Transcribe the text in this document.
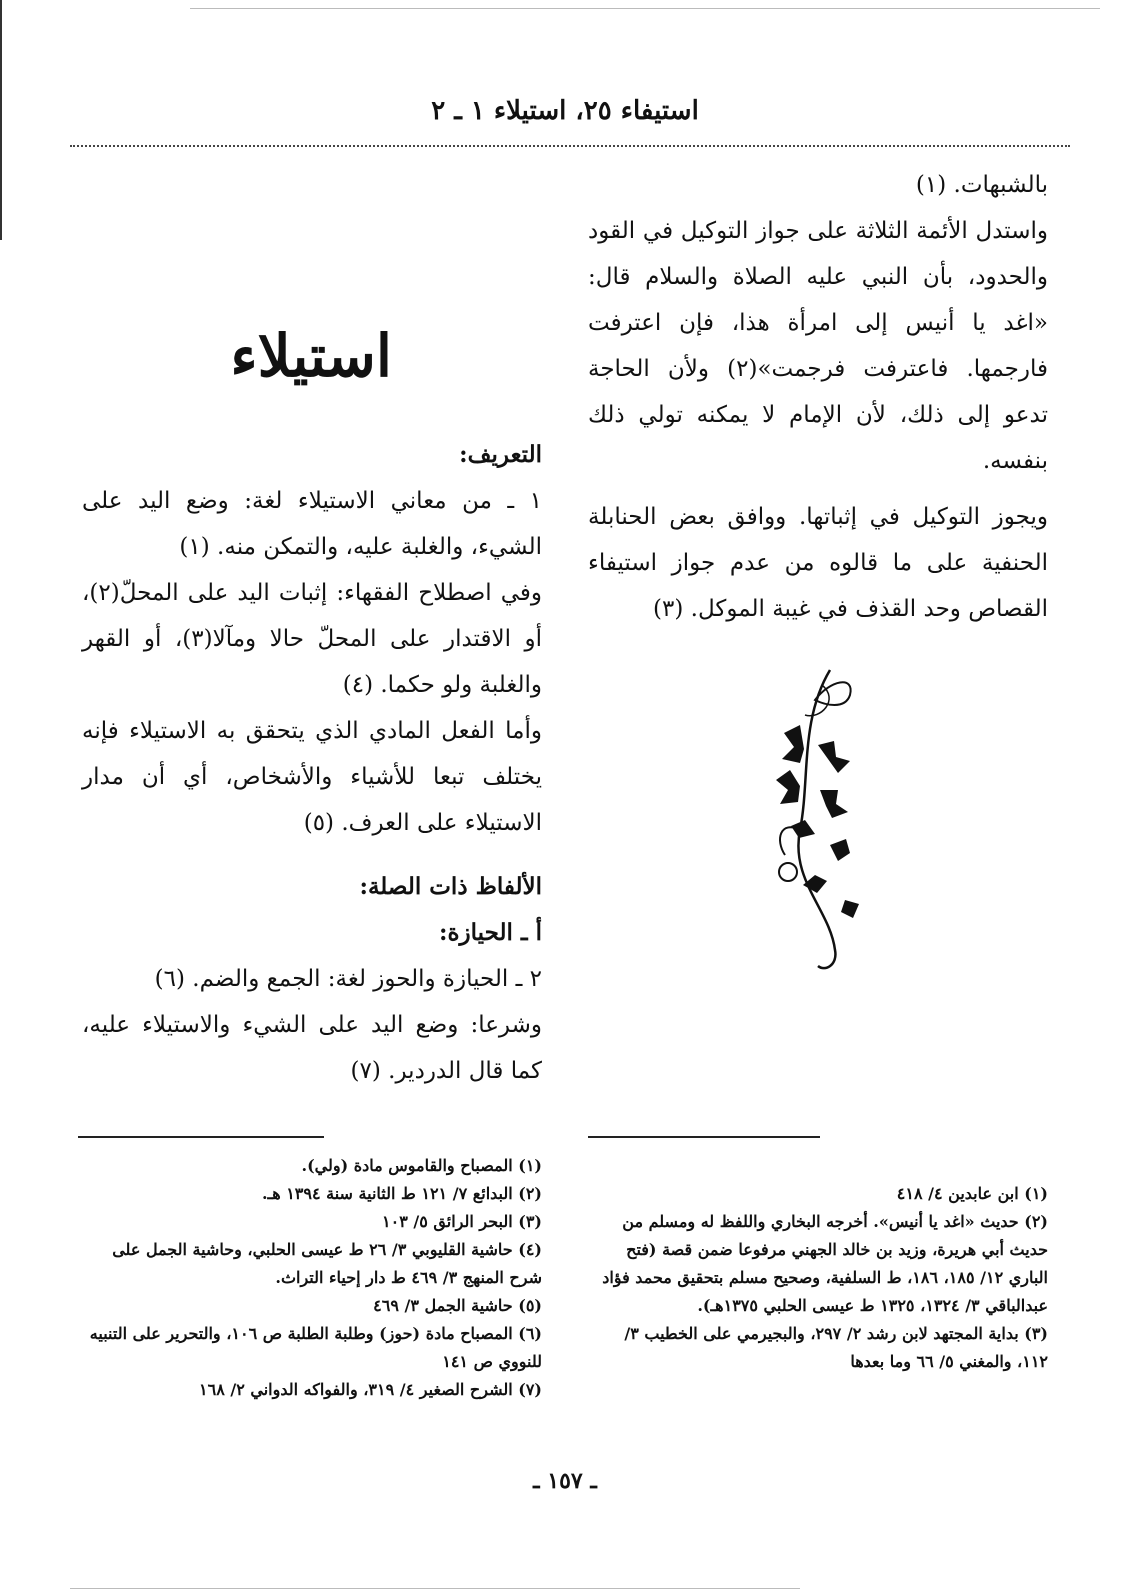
استيفاء ٢٥، استيلاء ١ ـ ٢

بالشبهات. (١)

واستدل الأئمة الثلاثة على جواز التوكيل في القود والحدود، بأن النبي عليه الصلاة والسلام قال: «اغد يا أنيس إلى امرأة هذا، فإن اعترفت فارجمها. فاعترفت فرجمت»(٢) ولأن الحاجة تدعو إلى ذلك، لأن الإمام لا يمكنه تولي ذلك بنفسه.

ويجوز التوكيل في إثباتها. ووافق بعض الحنابلة الحنفية على ما قالوه من عدم جواز استيفاء القصاص وحد القذف في غيبة الموكل. (٣)

(١) ابن عابدين ٤/ ٤١٨

(٢) حديث «اغد يا أنيس». أخرجه البخاري واللفظ له ومسلم من حديث أبي هريرة، وزيد بن خالد الجهني مرفوعا ضمن قصة (فتح الباري ١٢/ ١٨٥، ١٨٦، ط السلفية، وصحيح مسلم بتحقيق محمد فؤاد عبدالباقي ٣/ ١٣٢٤، ١٣٢٥ ط عيسى الحلبي ١٣٧٥هـ).

(٣) بداية المجتهد لابن رشد ٢/ ٢٩٧، والبجيرمي على الخطيب ٣/ ١١٢، والمغني ٥/ ٦٦ وما بعدها

استيلاء

التعريف:

١ ـ من معاني الاستيلاء لغة: وضع اليد على الشيء، والغلبة عليه، والتمكن منه. (١)

وفي اصطلاح الفقهاء: إثبات اليد على المحلّ(٢)، أو الاقتدار على المحلّ حالا ومآلا(٣)، أو القهر والغلبة ولو حكما. (٤)

وأما الفعل المادي الذي يتحقق به الاستيلاء فإنه يختلف تبعا للأشياء والأشخاص، أي أن مدار الاستيلاء على العرف. (٥)

الألفاظ ذات الصلة:

أ ـ الحيازة:

٢ ـ الحيازة والحوز لغة: الجمع والضم. (٦)

وشرعا: وضع اليد على الشيء والاستيلاء عليه، كما قال الدردير. (٧)

(١) المصباح والقاموس مادة (ولي).

(٢) البدائع ٧/ ١٢١ ط الثانية سنة ١٣٩٤ هـ.

(٣) البحر الرائق ٥/ ١٠٣

(٤) حاشية القليوبي ٣/ ٢٦ ط عيسى الحلبي، وحاشية الجمل على شرح المنهج ٣/ ٤٦٩ ط دار إحياء التراث.

(٥) حاشية الجمل ٣/ ٤٦٩

(٦) المصباح مادة (حوز) وطلبة الطلبة ص ١٠٦، والتحرير على التنبيه للنووي ص ١٤١

(٧) الشرح الصغير ٤/ ٣١٩، والفواكه الدواني ٢/ ١٦٨

ـ ١٥٧ ـ
